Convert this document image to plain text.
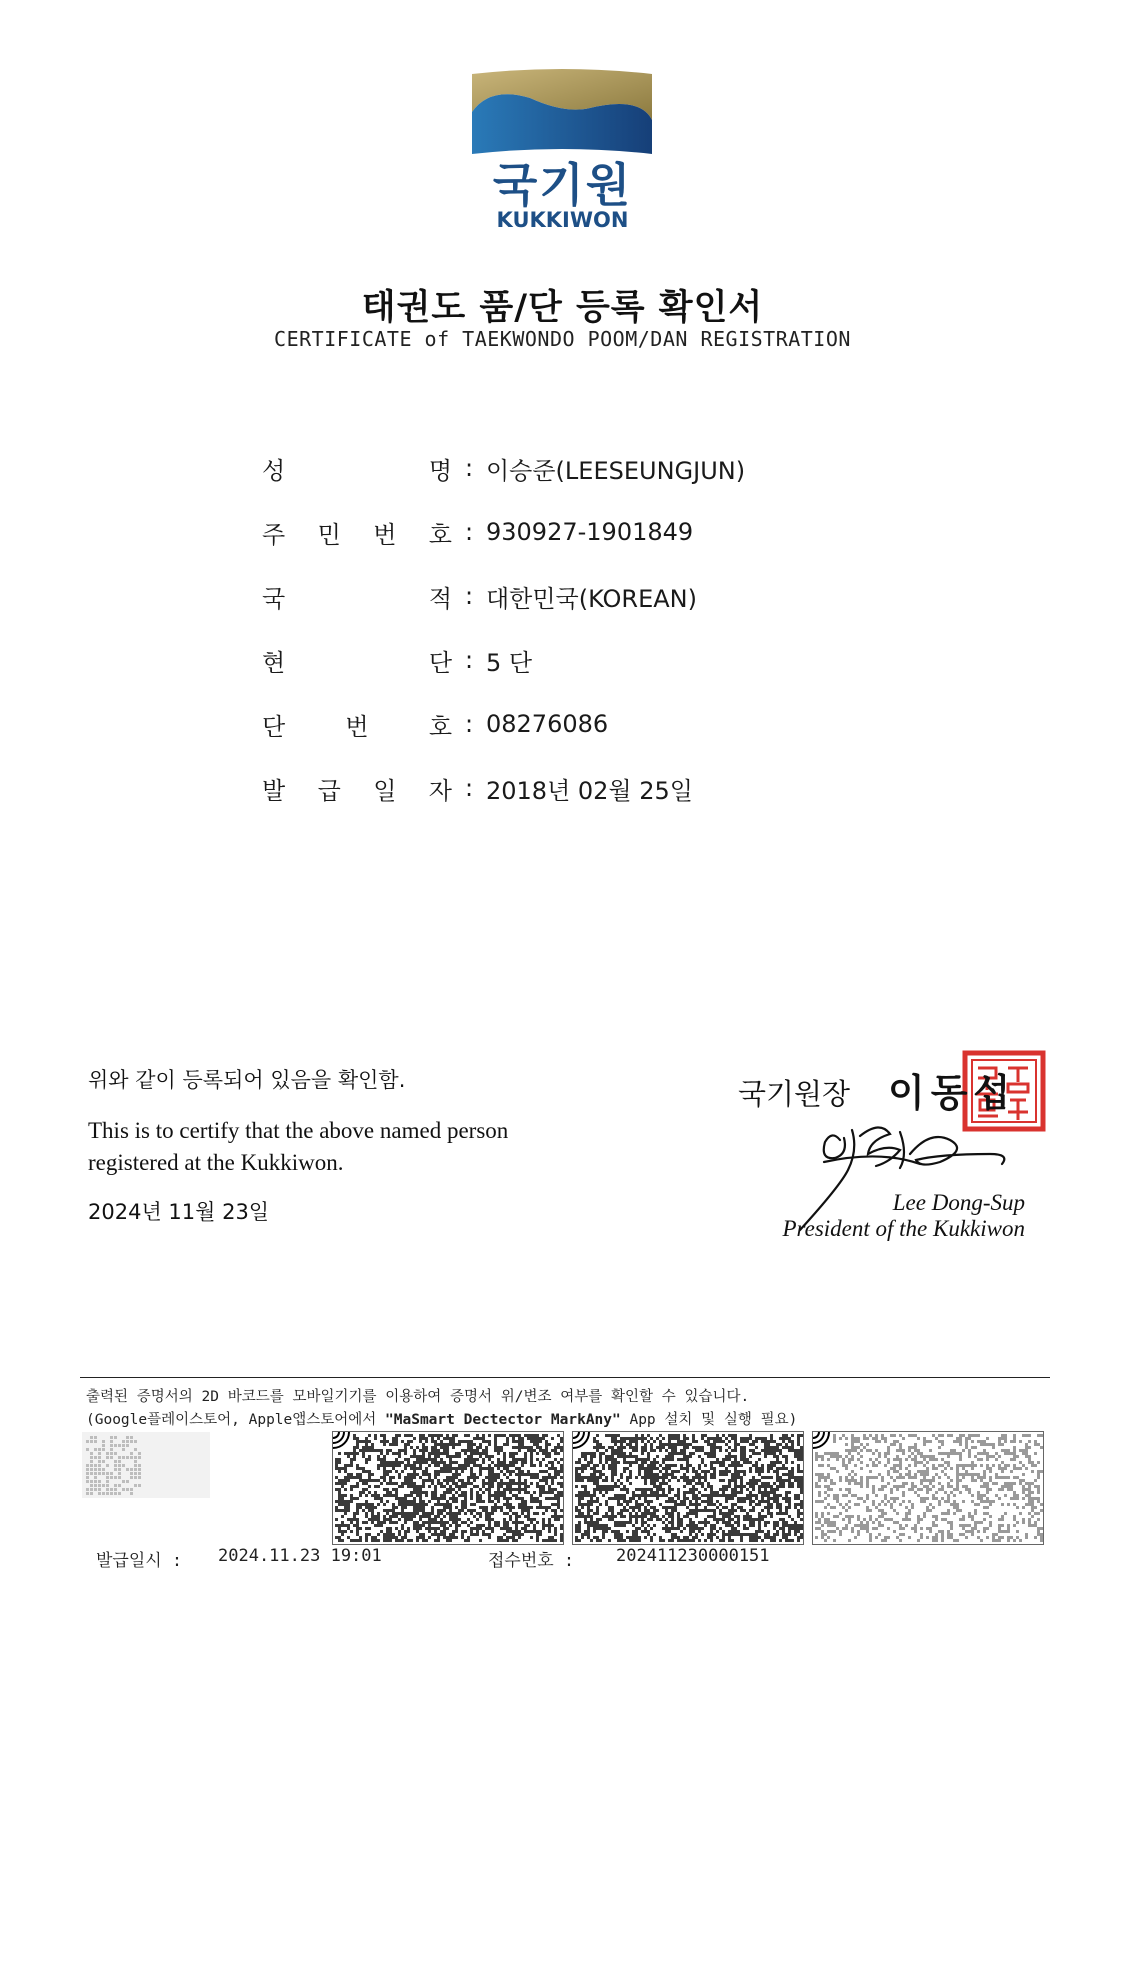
국기원
KUKKIWON
태권도 품/단 등록 확인서
CERTIFICATE of TAEKWONDO POOM/DAN REGISTRATION
성	명 : 이승준(LEESEUNGJUN)
주 민 번 호 : 930927-1901849
국	적 : 대한민국(KOREAN)
현	단 : 5 단
단	번	호 : 08276086
발 급 일 자 : 2018년 02월 25일
위와 같이 등록되어 있음을 확인함.
This is to certify that the above named person
registered at the Kukkiwon.
2024년 11월 23일
국기원장 이동섭
Lee Dong-Sup
President of the Kukkiwon
출력된 증명서의 2D 바코드를 모바일기기를 이용하여 증명서 위/변조 여부를 확인할 수 있습니다.
(Google플레이스토어, Apple앱스토어에서 "MaSmart Dectector MarkAny" App 설치 및 실행 필요)
발급일시 : 2024.11.23 19:01	접수번호 : 202411230000151
